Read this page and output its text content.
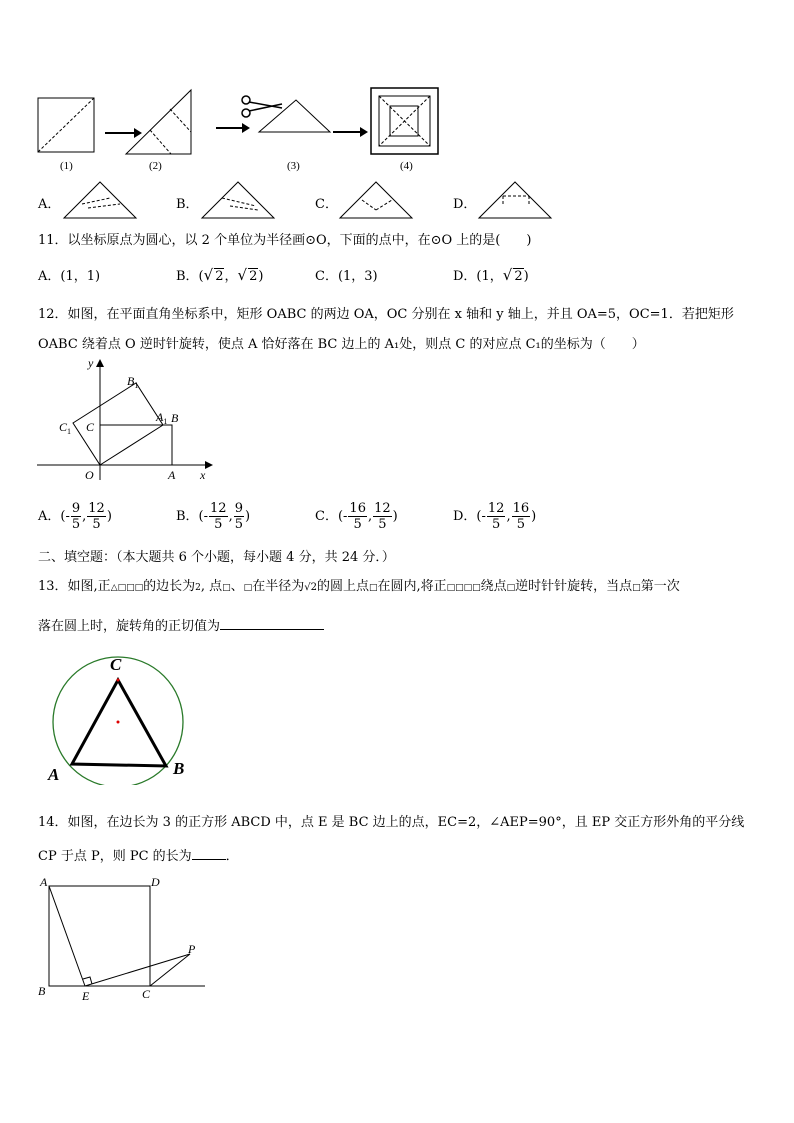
(1)	(2)	(3)	(4)
A．	B．	C．	D．
11．以坐标原点为圆心，以 2 个单位为半径画⊙O，下面的点中，在⊙O 上的是(　　)
A．(1，1)	B．(√ 2，√ 2)	C．(1，3)	D．(1，√ 2)
12．如图，在平面直角坐标系中，矩形 OABC 的两边 OA，OC 分别在 x 轴和 y 轴上，并且 OA=5，OC=1．若把矩形
OABC 绕着点 O 逆时针旋转，使点 A 恰好落在 BC 边上的 A₁处，则点 C 的对应点 C₁的坐标为（　　）
y
x
$B_1$
$A_1$ B
$C_1$ C
O	A
A．(- $\frac{9}{5}$ , $\frac{12}{5}$ )	B．(- $\frac{12}{5}$ , $\frac{9}{5}$ )	C．(- $\frac{16}{5}$ , $\frac{12}{5}$ )	D．(- $\frac{12}{5}$ , $\frac{16}{5}$ )
二、填空题：（本大题共 6 个小题，每小题 4 分，共 24 分．）
13．如图,正△□□□的边长为2, 点□、□在半径为√2的圆上点□在圆内,将正□□□□绕点□逆时针针旋转，当点□第一次
落在圆上时，旋转角的正切值为
C
A	B
14．如图，在边长为 3 的正方形 ABCD 中，点 E 是 BC 边上的点，EC=2，∠AEP=90°，且 EP 交正方形外角的平分线
CP 于点 P，则 PC 的长为	．
A	D
B	E	C
P
